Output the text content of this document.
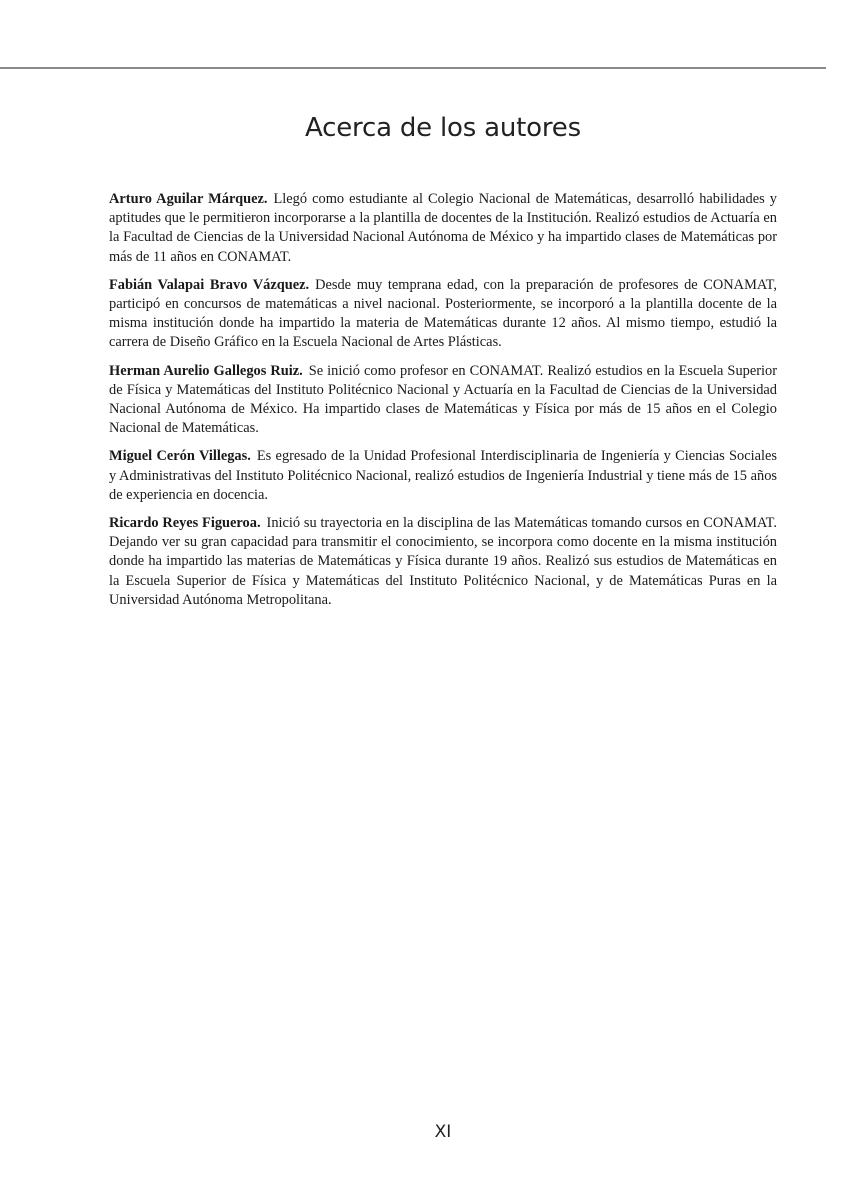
Acerca de los autores

Arturo Aguilar Márquez. Llegó como estudiante al Colegio Nacional de Matemáticas, desarrolló habilidades y aptitudes que le permitieron incorporarse a la plantilla de docentes de la Institución. Realizó estudios de Actuaría en la Facultad de Ciencias de la Universidad Nacional Autónoma de México y ha impartido clases de Matemáticas por más de 11 años en CONAMAT.

Fabián Valapai Bravo Vázquez. Desde muy temprana edad, con la preparación de profesores de CONAMAT, participó en concursos de matemáticas a nivel nacional. Posteriormente, se incorporó a la plantilla docente de la misma institución donde ha impartido la materia de Matemáticas durante 12 años. Al mismo tiempo, estudió la carrera de Diseño Gráfico en la Escuela Nacional de Artes Plásticas.

Herman Aurelio Gallegos Ruiz. Se inició como profesor en CONAMAT. Realizó estudios en la Escuela Superior de Física y Matemáticas del Instituto Politécnico Nacional y Actuaría en la Facultad de Ciencias de la Universidad Nacional Autónoma de México. Ha impartido clases de Matemáticas y Física por más de 15 años en el Colegio Nacional de Matemáticas.

Miguel Cerón Villegas. Es egresado de la Unidad Profesional Interdisciplinaria de Ingeniería y Ciencias Sociales y Administrativas del Instituto Politécnico Nacional, realizó estudios de Ingeniería Industrial y tiene más de 15 años de experiencia en docencia.

Ricardo Reyes Figueroa. Inició su trayectoria en la disciplina de las Matemáticas tomando cursos en CONAMAT. Dejando ver su gran capacidad para transmitir el conocimiento, se incorpora como docente en la misma institución donde ha impartido las materias de Matemáticas y Física durante 19 años. Realizó sus estudios de Matemáticas en la Escuela Superior de Física y Matemáticas del Instituto Politécnico Nacional, y de Matemáticas Puras en la Universidad Autónoma Metropolitana.

XI
